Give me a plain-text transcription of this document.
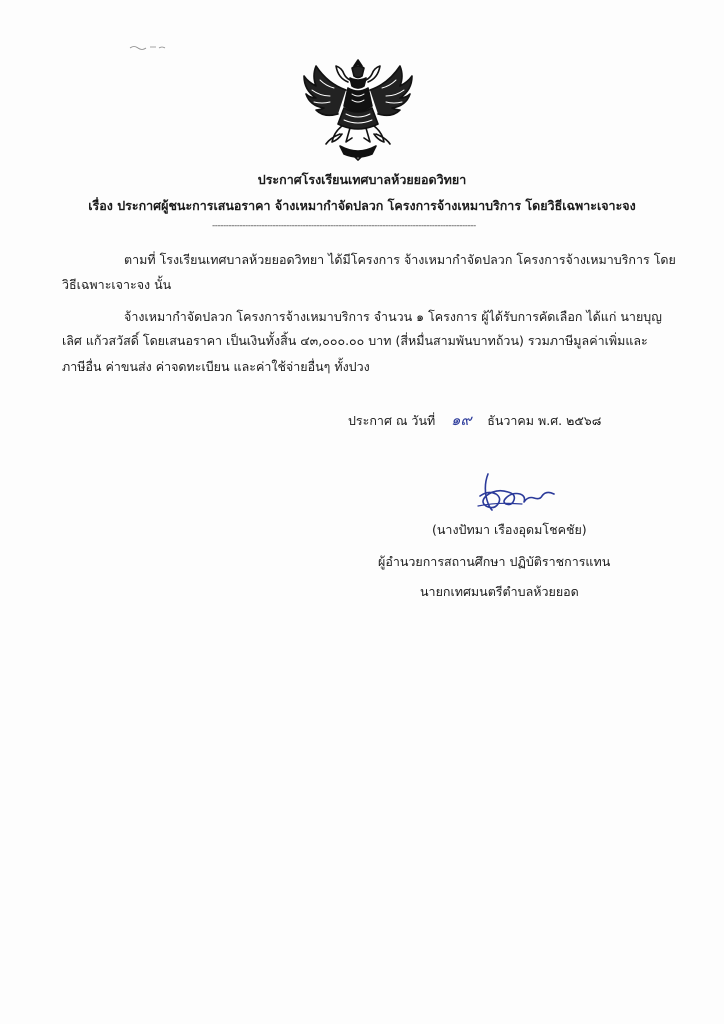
ประกาศโรงเรียนเทศบาลห้วยยอดวิทยา
เรื่อง ประกาศผู้ชนะการเสนอราคา จ้างเหมากำจัดปลวก โครงการจ้างเหมาบริการ โดยวิธีเฉพาะเจาะจง
------------------------------------------------------------------------------------------------
ตามที่ โรงเรียนเทศบาลห้วยยอดวิทยา ได้มีโครงการ จ้างเหมากำจัดปลวก โครงการจ้างเหมาบริการ โดย
วิธีเฉพาะเจาะจง นั้น
จ้างเหมากำจัดปลวก โครงการจ้างเหมาบริการ จำนวน ๑ โครงการ ผู้ได้รับการคัดเลือก ได้แก่ นายบุญ
เลิศ แก้วสวัสดิ์ โดยเสนอราคา เป็นเงินทั้งสิ้น ๔๓,๐๐๐.๐๐ บาท (สี่หมื่นสามพันบาทถ้วน) รวมภาษีมูลค่าเพิ่มและ
ภาษีอื่น ค่าขนส่ง ค่าจดทะเบียน และค่าใช้จ่ายอื่นๆ ทั้งปวง
ประกาศ ณ วันที่ ๑๙ ธันวาคม พ.ศ. ๒๕๖๘
(นางปัทมา เรืองอุดมโชคชัย)
ผู้อำนวยการสถานศึกษา ปฏิบัติราชการแทน
นายกเทศมนตรีตำบลห้วยยอด
